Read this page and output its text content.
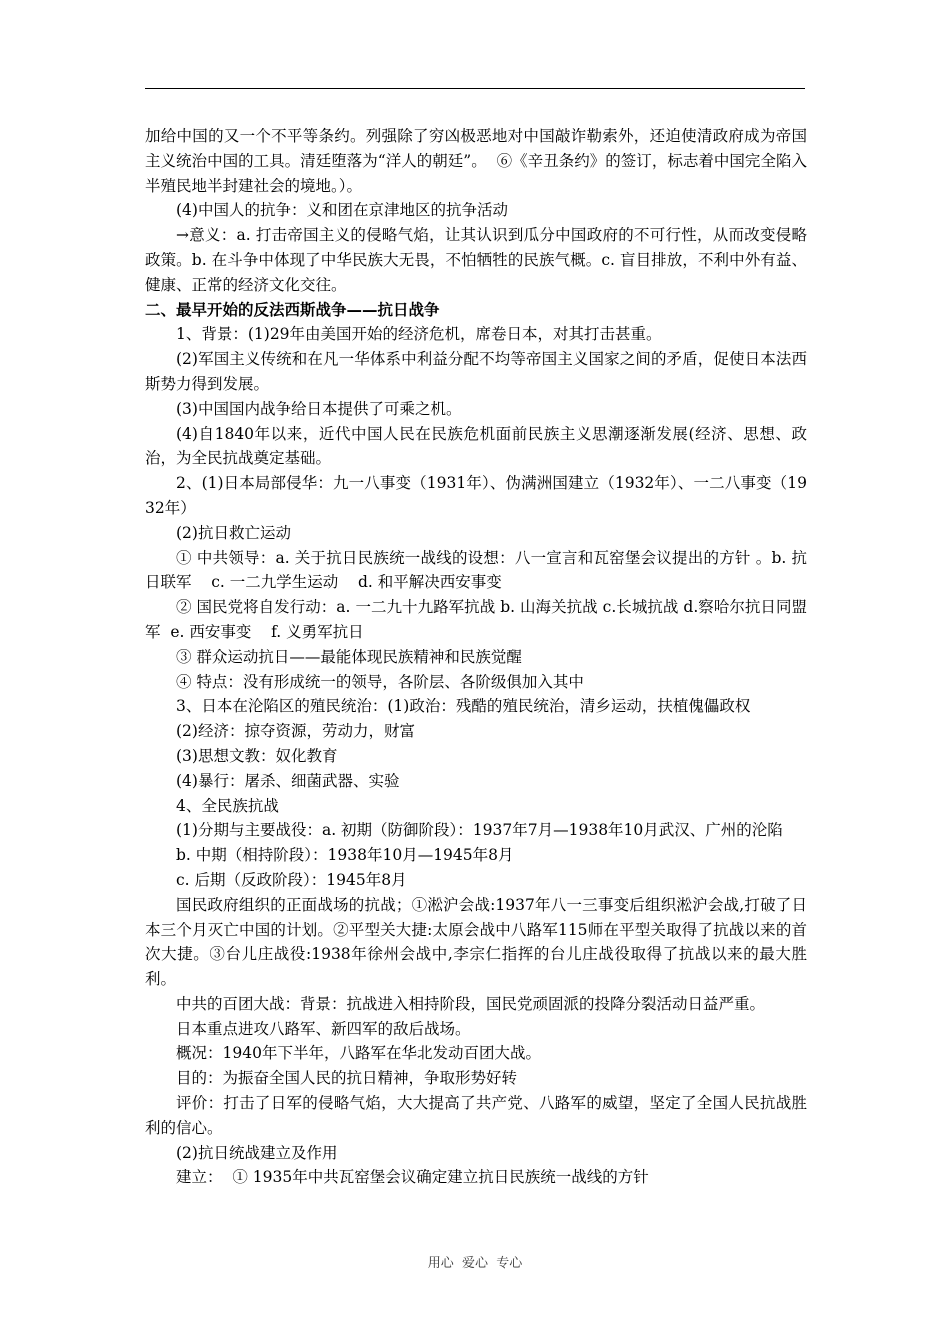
加给中国的又一个不平等条约。列强除了穷凶极恶地对中国敲诈勒索外，还迫使清政府成为帝国主义统治中国的工具。清廷堕落为“洋人的朝廷”。  ⑥《辛丑条约》的签订，标志着中国完全陷入半殖民地半封建社会的境地。）。

(4)中国人的抗争：义和团在京津地区的抗争活动

→意义：a. 打击帝国主义的侵略气焰，让其认识到瓜分中国政府的不可行性，从而改变侵略政策。b. 在斗争中体现了中华民族大无畏，不怕牺牲的民族气概。c. 盲目排放，不利中外有益、健康、正常的经济文化交往。

二、最早开始的反法西斯战争——抗日战争

1、背景：(1)29年由美国开始的经济危机，席卷日本，对其打击甚重。

(2)军国主义传统和在凡一华体系中利益分配不均等帝国主义国家之间的矛盾，促使日本法西斯势力得到发展。

(3)中国国内战争给日本提供了可乘之机。

(4)自1840年以来，近代中国人民在民族危机面前民族主义思潮逐渐发展(经济、思想、政治，为全民抗战奠定基础。

2、(1)日本局部侵华：九一八事变（1931年）、伪满洲国建立（1932年）、一二八事变（1932年）

(2)抗日救亡运动

① 中共领导：a. 关于抗日民族统一战线的设想：八一宣言和瓦窑堡会议提出的方针 。b. 抗日联军    c. 一二九学生运动    d. 和平解决西安事变

② 国民党将自发行动：a. 一二九十九路军抗战 b. 山海关抗战 c.长城抗战 d.察哈尔抗日同盟军  e. 西安事变    f. 义勇军抗日

③ 群众运动抗日——最能体现民族精神和民族觉醒

④ 特点：没有形成统一的领导，各阶层、各阶级俱加入其中

3、日本在沦陷区的殖民统治：(1)政治：残酷的殖民统治，清乡运动，扶植傀儡政权

(2)经济：掠夺资源，劳动力，财富

(3)思想文教：奴化教育

(4)暴行：屠杀、细菌武器、实验

4、全民族抗战

(1)分期与主要战役：a. 初期（防御阶段）：1937年7月—1938年10月武汉、广州的沦陷

b. 中期（相持阶段）：1938年10月—1945年8月

c. 后期（反政阶段）：1945年8月

国民政府组织的正面战场的抗战；①淞沪会战:1937年八一三事变后组织淞沪会战,打破了日本三个月灭亡中国的计划。②平型关大捷:太原会战中八路军115师在平型关取得了抗战以来的首次大捷。③台儿庄战役:1938年徐州会战中,李宗仁指挥的台儿庄战役取得了抗战以来的最大胜利。

中共的百团大战：背景：抗战进入相持阶段，国民党顽固派的投降分裂活动日益严重。

日本重点进攻八路军、新四军的敌后战场。

概况：1940年下半年，八路军在华北发动百团大战。

目的：为振奋全国人民的抗日精神，争取形势好转

评价：打击了日军的侵略气焰，大大提高了共产党、八路军的威望，坚定了全国人民抗战胜利的信心。

(2)抗日统战建立及作用

建立：  ① 1935年中共瓦窑堡会议确定建立抗日民族统一战线的方针

用心  爱心  专心
